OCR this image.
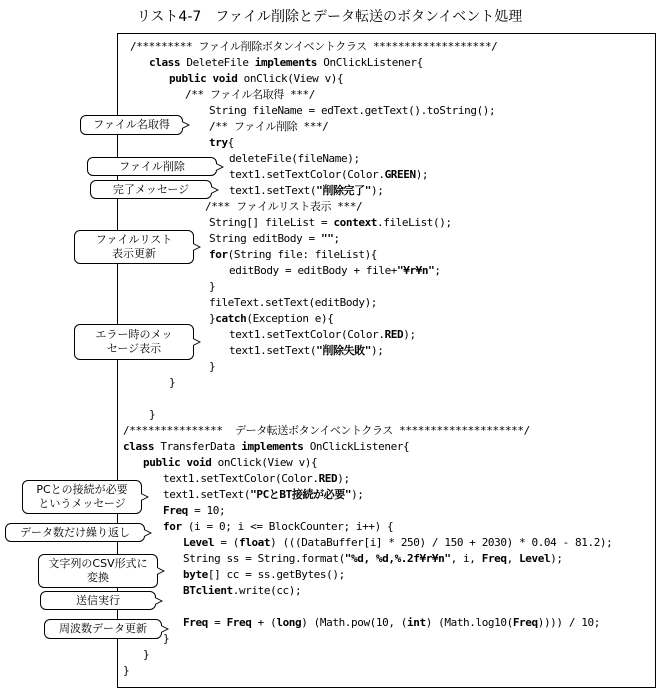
リスト4-7　ファイル削除とデータ転送のボタンイベント処理
/********* ファイル削除ボタンイベントクラス *******************/
class DeleteFile implements OnClickListener{
public void onClick(View v){
/** ファイル名取得 ***/
String fileName = edText.getText().toString();
/** ファイル削除 ***/
try{
deleteFile(fileName);
text1.setTextColor(Color.GREEN);
text1.setText("削除完了");
/*** ファイルリスト表示 ***/
String[] fileList = context.fileList();
String editBody = "";
for(String file: fileList){
editBody = editBody + file+"¥r¥n";
}
fileText.setText(editBody);
}catch(Exception e){
text1.setTextColor(Color.RED);
text1.setText("削除失敗");
}
}
}
/***************  データ転送ボタンイベントクラス ********************/
class TransferData implements OnClickListener{
public void onClick(View v){
text1.setTextColor(Color.RED);
text1.setText("PCとBT接続が必要");
Freq = 10;
for (i = 0; i <= BlockCounter; i++) {
Level = (float) (((DataBuffer[i] * 250) / 150 + 2030) * 0.04 - 81.2);
String ss = String.format("%d, %d,%.2f¥r¥n", i, Freq, Level);
byte[] cc = ss.getBytes();
BTclient.write(cc);
Freq = Freq + (long) (Math.pow(10, (int) (Math.log10(Freq)))) / 10;
}
}
}
ファイル名取得
ファイル削除
完了メッセージ
ファイルリスト
表示更新
エラー時のメッ
セージ表示
PCとの接続が必要
というメッセージ
データ数だけ繰り返し
文字列のCSV形式に
変換
送信実行
周波数データ更新
